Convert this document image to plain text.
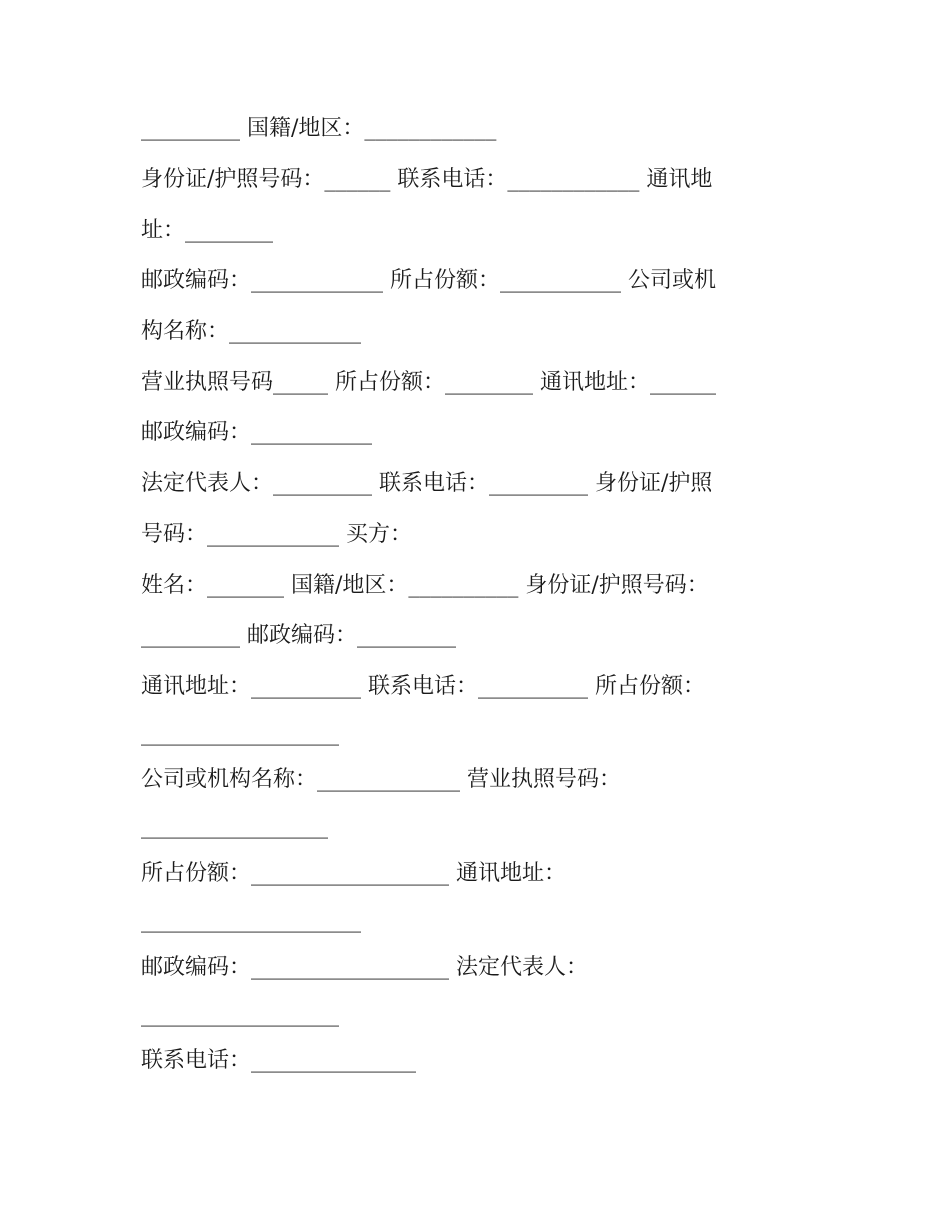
_________ 国籍/地区：____________
身份证/护照号码：______ 联系电话：____________ 通讯地
址：________
邮政编码：____________ 所占份额：___________ 公司或机
构名称：____________
营业执照号码_____ 所占份额：________ 通讯地址：______
邮政编码：___________
法定代表人：_________ 联系电话：_________ 身份证/护照
号码：____________ 买方：
姓名：_______ 国籍/地区：__________ 身份证/护照号码：
_________ 邮政编码：_________
通讯地址：__________ 联系电话：__________ 所占份额：
__________________
公司或机构名称：_____________ 营业执照号码：
_________________
所占份额：__________________ 通讯地址：
____________________
邮政编码：__________________ 法定代表人：
__________________
联系电话：_______________
